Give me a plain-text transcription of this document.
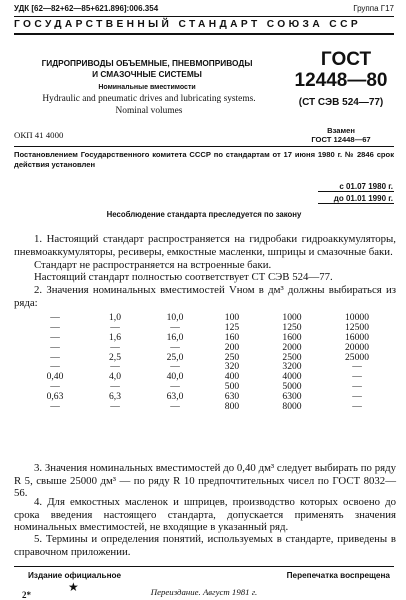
УДК [62—82+62—85+621.896]:006.354	Группа Г17
ГОСУДАРСТВЕННЫЙ СТАНДАРТ СОЮЗА ССР
ГИДРОПРИВОДЫ ОБЪЕМНЫЕ, ПНЕВМОПРИВОДЫ
И СМАЗОЧНЫЕ СИСТЕМЫ
Номинальные вместимости
Hydraulic and pneumatic drives and lubricating systems.
Nominal volumes
ОКП 41 4000
ГОСТ
12448—80
(СТ СЭВ 524—77)
Взамен
ГОСТ 12448—67
Постановлением Государственного комитета СССР по стандартам от 17 июня 1980 г. № 2846 срок действия установлен
с 01.07 1980 г.
до 01.01 1990 г.
Несоблюдение стандарта преследуется по закону
1. Настоящий стандарт распространяется на гидробаки гидроаккумуляторы, пневмоаккумуляторы, ресиверы, емкостные масленки, шприцы и смазочные баки.
Стандарт не распространяется на встроенные баки.
Настоящий стандарт полностью соответствует СТ СЭВ 524—77.
2. Значения номинальных вместимостей Vном в дм³ должны выбираться из ряда:
—	1,0	10,0	100	1000	10000
—	—	—	125	1250	12500
—	1,6	16,0	160	1600	16000
—	—	—	200	2000	20000
—	2,5	25,0	250	2500	25000
—	—	—	320	3200	—
0,40	4,0	40,0	400	4000	—
—	—	—	500	5000	—
0,63	6,3	63,0	630	6300	—
—	—	—	800	8000	—
3. Значения номинальных вместимостей до 0,40 дм³ следует выбирать по ряду R 5, свыше 25000 дм³ — по ряду R 10 предпочтительных чисел по ГОСТ 8032—56.
4. Для емкостных масленок и шприцев, производство которых освоено до срока введения настоящего стандарта, допускается применять значения номинальных вместимостей, не входящие в указанный ряд.
5. Термины и определения понятий, используемых в стандарте, приведены в справочном приложении.
Издание официальное	Перепечатка воспрещена
★	Переиздание. Август 1981 г.
2*
